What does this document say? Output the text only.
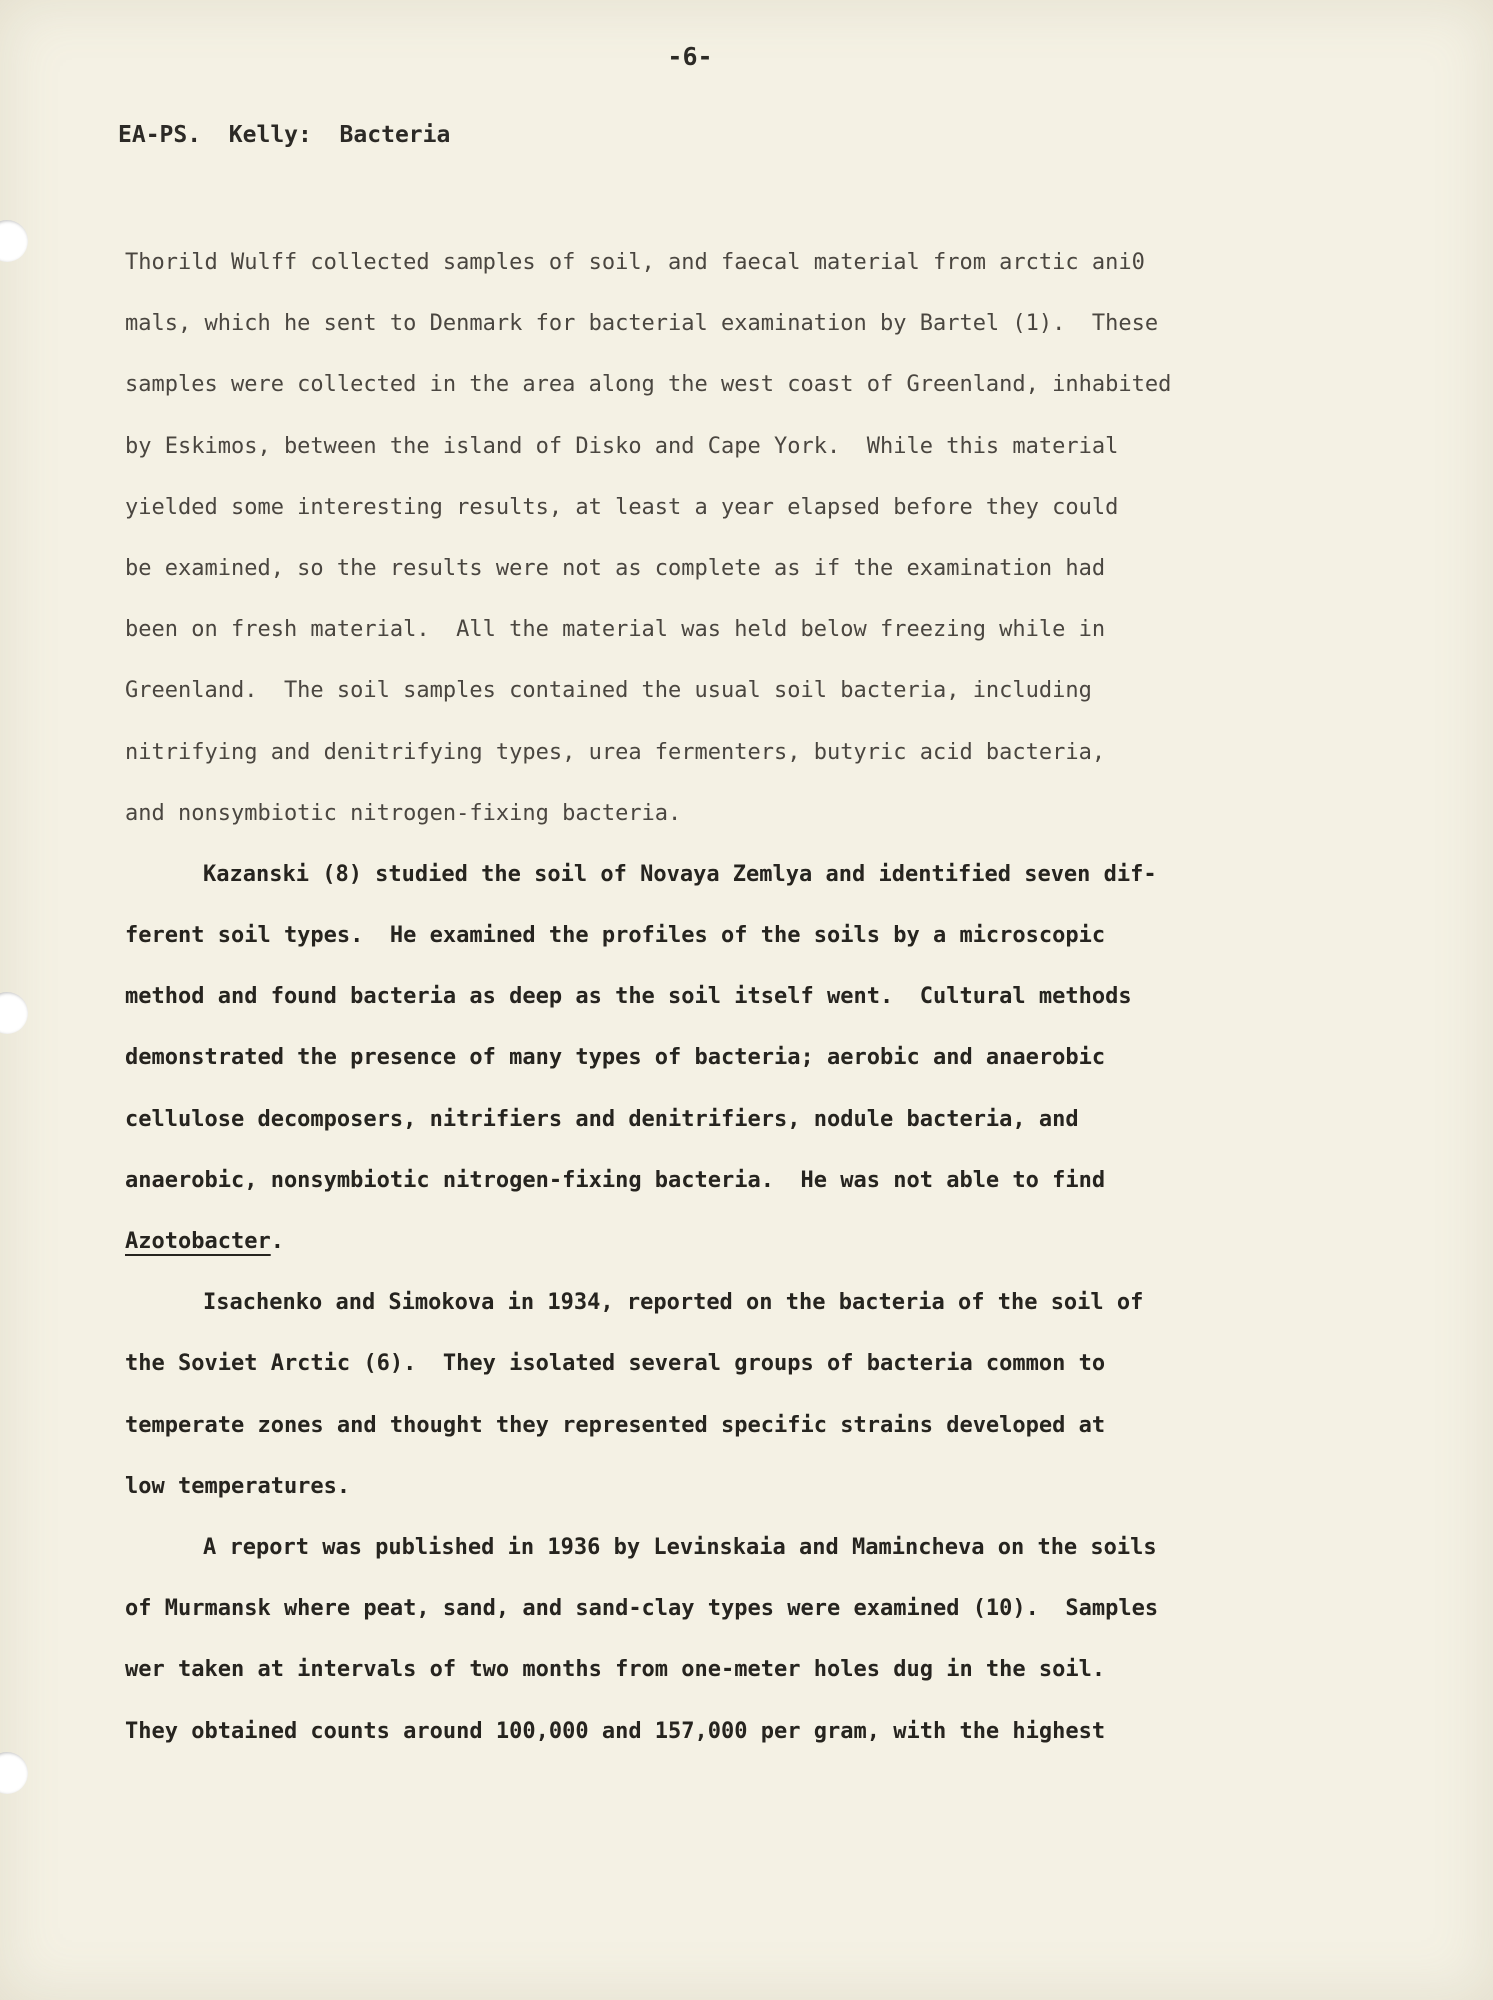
-6-
EA-PS.  Kelly:  Bacteria
Thorild Wulff collected samples of soil, and faecal material from arctic ani0
mals, which he sent to Denmark for bacterial examination by Bartel (1).  These
samples were collected in the area along the west coast of Greenland, inhabited
by Eskimos, between the island of Disko and Cape York.  While this material
yielded some interesting results, at least a year elapsed before they could
be examined, so the results were not as complete as if the examination had
been on fresh material.  All the material was held below freezing while in
Greenland.  The soil samples contained the usual soil bacteria, including
nitrifying and denitrifying types, urea fermenters, butyric acid bacteria,
and nonsymbiotic nitrogen-fixing bacteria.
Kazanski (8) studied the soil of Novaya Zemlya and identified seven dif-
ferent soil types.  He examined the profiles of the soils by a microscopic
method and found bacteria as deep as the soil itself went.  Cultural methods
demonstrated the presence of many types of bacteria; aerobic and anaerobic
cellulose decomposers, nitrifiers and denitrifiers, nodule bacteria, and
anaerobic, nonsymbiotic nitrogen-fixing bacteria.  He was not able to find
Azotobacter.
Isachenko and Simokova in 1934, reported on the bacteria of the soil of
the Soviet Arctic (6).  They isolated several groups of bacteria common to
temperate zones and thought they represented specific strains developed at
low temperatures.
A report was published in 1936 by Levinskaia and Mamincheva on the soils
of Murmansk where peat, sand, and sand-clay types were examined (10).  Samples
wer taken at intervals of two months from one-meter holes dug in the soil.
They obtained counts around 100,000 and 157,000 per gram, with the highest
